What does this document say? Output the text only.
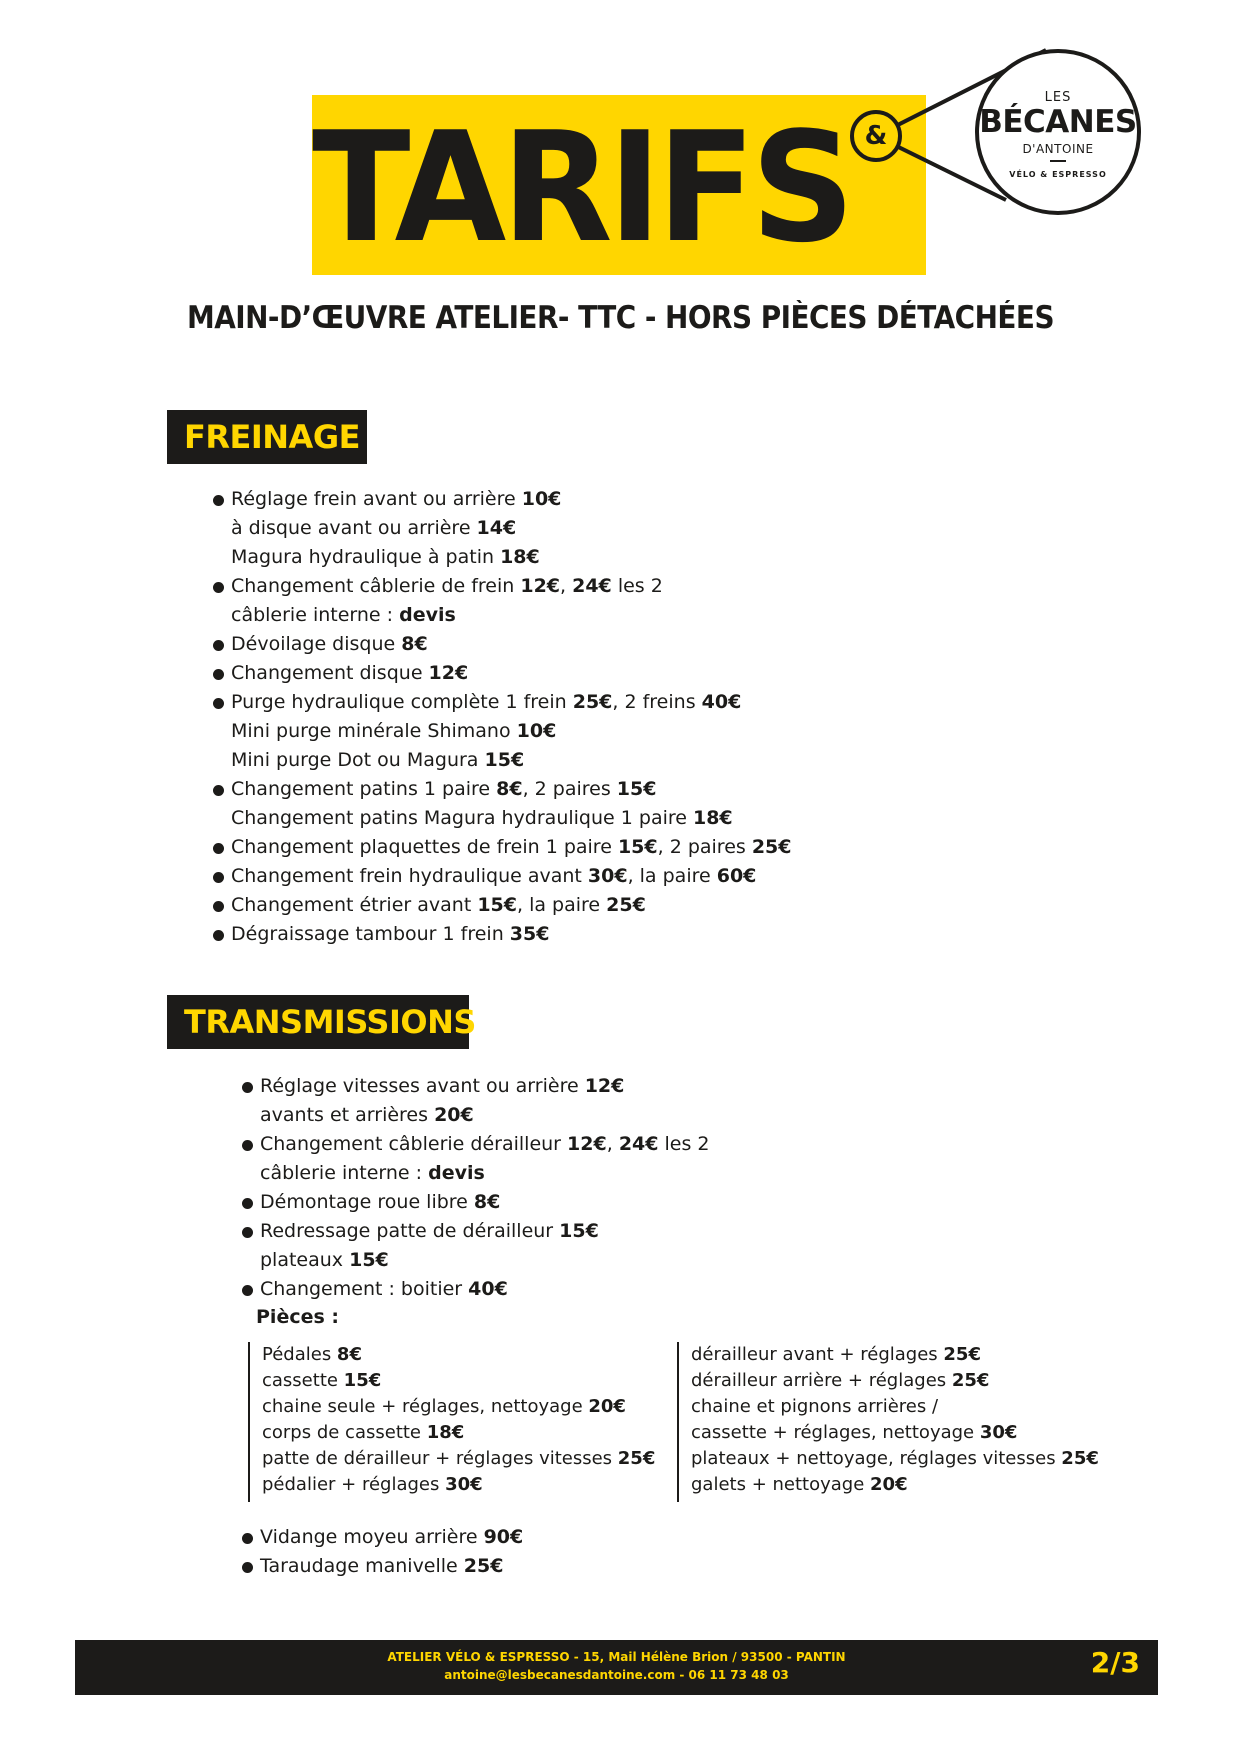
TARIFS &
LES
BÉCANES
D'ANTOINE
VÉLO & ESPRESSO
MAIN-D’ŒUVRE ATELIER- TTC - HORS PIÈCES DÉTACHÉES
FREINAGE
Réglage frein avant ou arrière 10€
à disque avant ou arrière 14€
Magura hydraulique à patin 18€
Changement câblerie de frein 12€, 24€ les 2
câblerie interne : devis
Dévoilage disque 8€
Changement disque 12€
Purge hydraulique complète 1 frein 25€, 2 freins 40€
Mini purge minérale Shimano 10€
Mini purge Dot ou Magura 15€
Changement patins 1 paire 8€, 2 paires 15€
Changement patins Magura hydraulique 1 paire 18€
Changement plaquettes de frein 1 paire 15€, 2 paires 25€
Changement frein hydraulique avant 30€, la paire 60€
Changement étrier avant 15€, la paire 25€
Dégraissage tambour 1 frein 35€
TRANSMISSIONS
Réglage vitesses avant ou arrière 12€
avants et arrières 20€
Changement câblerie dérailleur 12€, 24€ les 2
câblerie interne : devis
Démontage roue libre 8€
Redressage patte de dérailleur 15€
plateaux 15€
Changement : boitier 40€
Pièces :
Pédales 8€
cassette 15€
chaine seule + réglages, nettoyage 20€
corps de cassette 18€
patte de dérailleur + réglages vitesses 25€
pédalier + réglages 30€
dérailleur avant + réglages 25€
dérailleur arrière + réglages 25€
chaine et pignons arrières /
cassette + réglages, nettoyage 30€
plateaux + nettoyage, réglages vitesses 25€
galets + nettoyage 20€
Vidange moyeu arrière 90€
Taraudage manivelle 25€
ATELIER VÉLO & ESPRESSO - 15, Mail Hélène Brion / 93500 - PANTIN
antoine@lesbecanesdantoine.com - 06 11 73 48 03	2/3
